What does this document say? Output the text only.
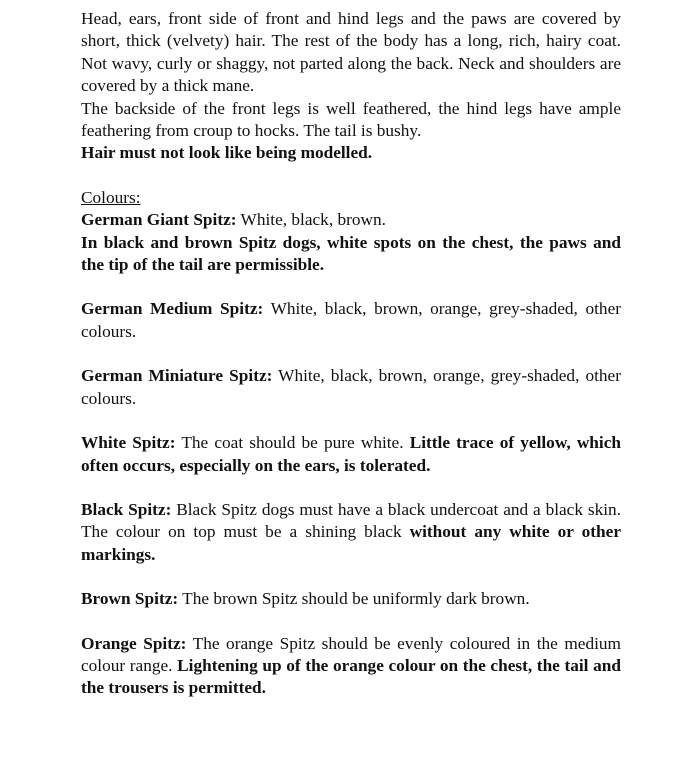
Head, ears, front side of front and hind legs and the paws are covered by short, thick (velvety) hair. The rest of the body has a long, rich, hairy coat. Not wavy, curly or shaggy, not parted along the back. Neck and shoulders are covered by a thick mane.

The backside of the front legs is well feathered, the hind legs have ample feathering from croup to hocks. The tail is bushy.

Hair must not look like being modelled.

Colours:

German Giant Spitz: White, black, brown.

In black and brown Spitz dogs, white spots on the chest, the paws and the tip of the tail are permissible.

German Medium Spitz: White, black, brown, orange, grey-shaded, other colours.

German Miniature Spitz: White, black, brown, orange, grey-shaded, other colours.

White Spitz: The coat should be pure white. Little trace of yellow, which often occurs, especially on the ears, is tolerated.

Black Spitz: Black Spitz dogs must have a black undercoat and a black skin. The colour on top must be a shining black without any white or other markings.

Brown Spitz: The brown Spitz should be uniformly dark brown.

Orange Spitz: The orange Spitz should be evenly coloured in the medium colour range. Lightening up of the orange colour on the chest, the tail and the trousers is permitted.
